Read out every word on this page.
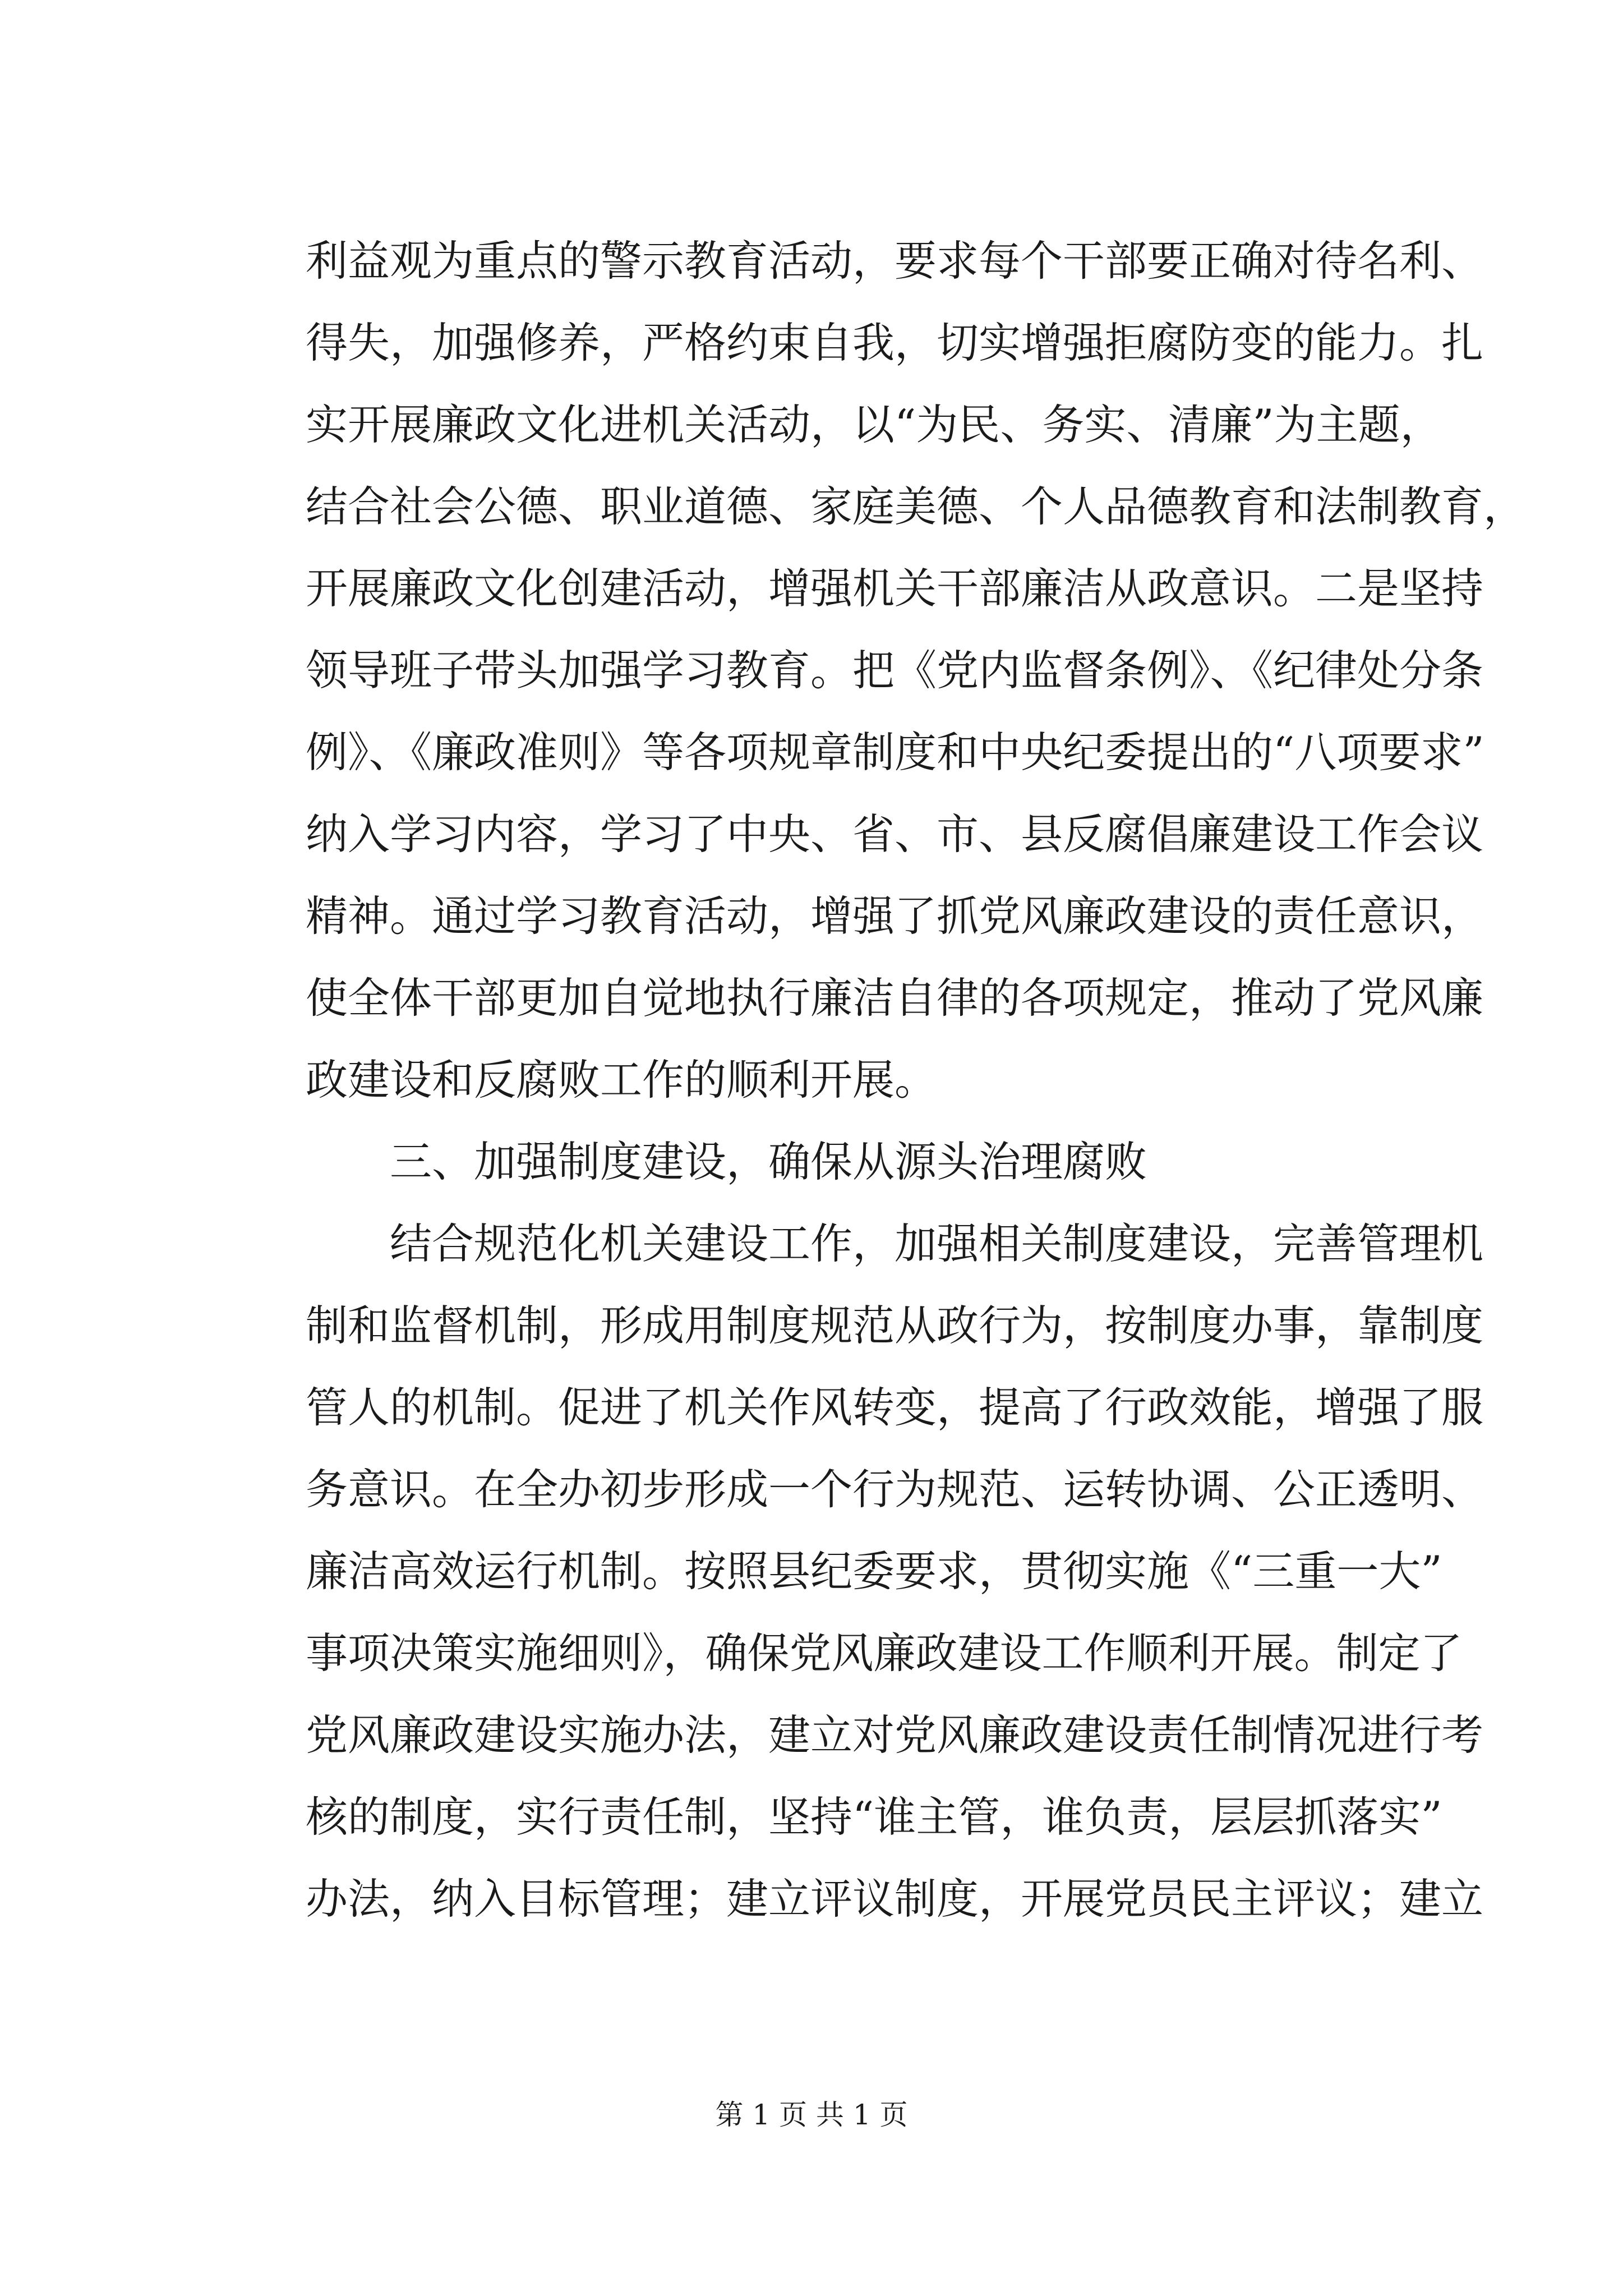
利益观为重点的警示教育活动，要求每个干部要正确对待名利、
得失，加强修养，严格约束自我，切实增强拒腐防变的能力。扎
实开展廉政文化进机关活动，以“为民、务实、清廉”为主题，
结合社会公德、职业道德、家庭美德、个人品德教育和法制教育，
开展廉政文化创建活动，增强机关干部廉洁从政意识。二是坚持
领导班子带头加强学习教育。把《党内监督条例》、《纪律处分条
例》、《廉政准则》等各项规章制度和中央纪委提出的“八项要求”
纳入学习内容，学习了中央、省、市、县反腐倡廉建设工作会议
精神。通过学习教育活动，增强了抓党风廉政建设的责任意识，
使全体干部更加自觉地执行廉洁自律的各项规定，推动了党风廉
政建设和反腐败工作的顺利开展。
三、加强制度建设，确保从源头治理腐败
结合规范化机关建设工作，加强相关制度建设，完善管理机
制和监督机制，形成用制度规范从政行为，按制度办事，靠制度
管人的机制。促进了机关作风转变，提高了行政效能，增强了服
务意识。在全办初步形成一个行为规范、运转协调、公正透明、
廉洁高效运行机制。按照县纪委要求，贯彻实施《“三重一大”
事项决策实施细则》，确保党风廉政建设工作顺利开展。制定了
党风廉政建设实施办法，建立对党风廉政建设责任制情况进行考
核的制度，实行责任制，坚持“谁主管，谁负责，层层抓落实”
办法，纳入目标管理；建立评议制度，开展党员民主评议；建立
第 1 页 共 1 页
